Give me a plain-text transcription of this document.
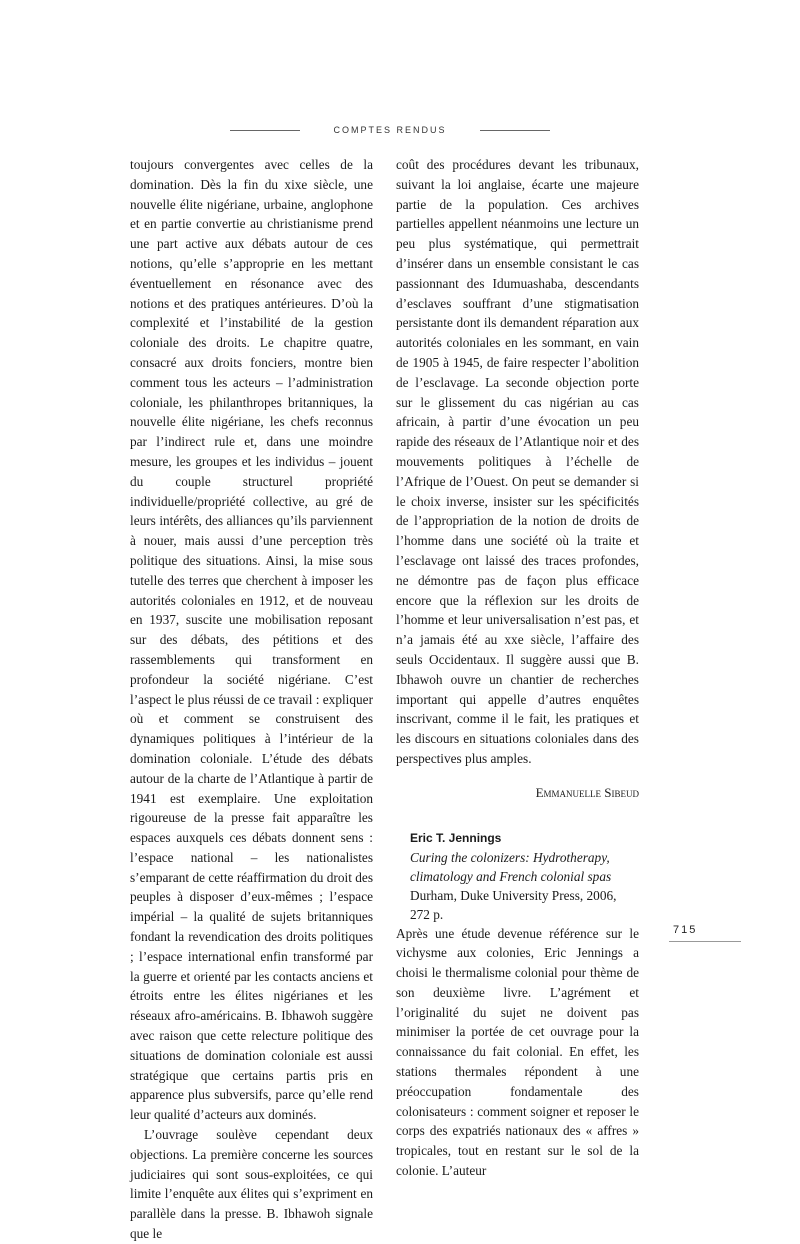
COMPTES RENDUS

toujours convergentes avec celles de la domination. Dès la fin du xixe siècle, une nouvelle élite nigériane, urbaine, anglophone et en partie convertie au christianisme prend une part active aux débats autour de ces notions, qu’elle s’approprie en les mettant éventuellement en résonance avec des notions et des pratiques antérieures. D’où la complexité et l’instabilité de la gestion coloniale des droits. Le chapitre quatre, consacré aux droits fonciers, montre bien comment tous les acteurs – l’administration coloniale, les philanthropes britanniques, la nouvelle élite nigériane, les chefs reconnus par l’indirect rule et, dans une moindre mesure, les groupes et les individus – jouent du couple structurel propriété individuelle/propriété collective, au gré de leurs intérêts, des alliances qu’ils parviennent à nouer, mais aussi d’une perception très politique des situations. Ainsi, la mise sous tutelle des terres que cherchent à imposer les autorités coloniales en 1912, et de nouveau en 1937, suscite une mobilisation reposant sur des débats, des pétitions et des rassemblements qui transforment en profondeur la société nigériane. C’est l’aspect le plus réussi de ce travail : expliquer où et comment se construisent des dynamiques politiques à l’intérieur de la domination coloniale. L’étude des débats autour de la charte de l’Atlantique à partir de 1941 est exemplaire. Une exploitation rigoureuse de la presse fait apparaître les espaces auxquels ces débats donnent sens : l’espace national – les nationalistes s’emparant de cette réaffirmation du droit des peuples à disposer d’eux-mêmes ; l’espace impérial – la qualité de sujets britanniques fondant la revendication des droits politiques ; l’espace international enfin transformé par la guerre et orienté par les contacts anciens et étroits entre les élites nigérianes et les réseaux afro-américains. B. Ibhawoh suggère avec raison que cette relecture politique des situations de domination coloniale est aussi stratégique que certains partis pris en apparence plus subversifs, parce qu’elle rend leur qualité d’acteurs aux dominés.

L’ouvrage soulève cependant deux objections. La première concerne les sources judiciaires qui sont sous-exploitées, ce qui limite l’enquête aux élites qui s’expriment en parallèle dans la presse. B. Ibhawoh signale que le

coût des procédures devant les tribunaux, suivant la loi anglaise, écarte une majeure partie de la population. Ces archives partielles appellent néanmoins une lecture un peu plus systématique, qui permettrait d’insérer dans un ensemble consistant le cas passionnant des Idumuashaba, descendants d’esclaves souffrant d’une stigmatisation persistante dont ils demandent réparation aux autorités coloniales en les sommant, en vain de 1905 à 1945, de faire respecter l’abolition de l’esclavage. La seconde objection porte sur le glissement du cas nigérian au cas africain, à partir d’une évocation un peu rapide des réseaux de l’Atlantique noir et des mouvements politiques à l’échelle de l’Afrique de l’Ouest. On peut se demander si le choix inverse, insister sur les spécificités de l’appropriation de la notion de droits de l’homme dans une société où la traite et l’esclavage ont laissé des traces profondes, ne démontre pas de façon plus efficace encore que la réflexion sur les droits de l’homme et leur universalisation n’est pas, et n’a jamais été au xxe siècle, l’affaire des seuls Occidentaux. Il suggère aussi que B. Ibhawoh ouvre un chantier de recherches important qui appelle d’autres enquêtes inscrivant, comme il le fait, les pratiques et les discours en situations coloniales dans des perspectives plus amples.

Emmanuelle Sibeud
Eric T. Jennings
Curing the colonizers: Hydrotherapy, climatology and French colonial spas
Durham, Duke University Press, 2006, 272 p.

Après une étude devenue référence sur le vichysme aux colonies, Eric Jennings a choisi le thermalisme colonial pour thème de son deuxième livre. L’agrément et l’originalité du sujet ne doivent pas minimiser la portée de cet ouvrage pour la connaissance du fait colonial. En effet, les stations thermales répondent à une préoccupation fondamentale des colonisateurs : comment soigner et reposer le corps des expatriés nationaux des « affres » tropicales, tout en restant sur le sol de la colonie. L’auteur

715
